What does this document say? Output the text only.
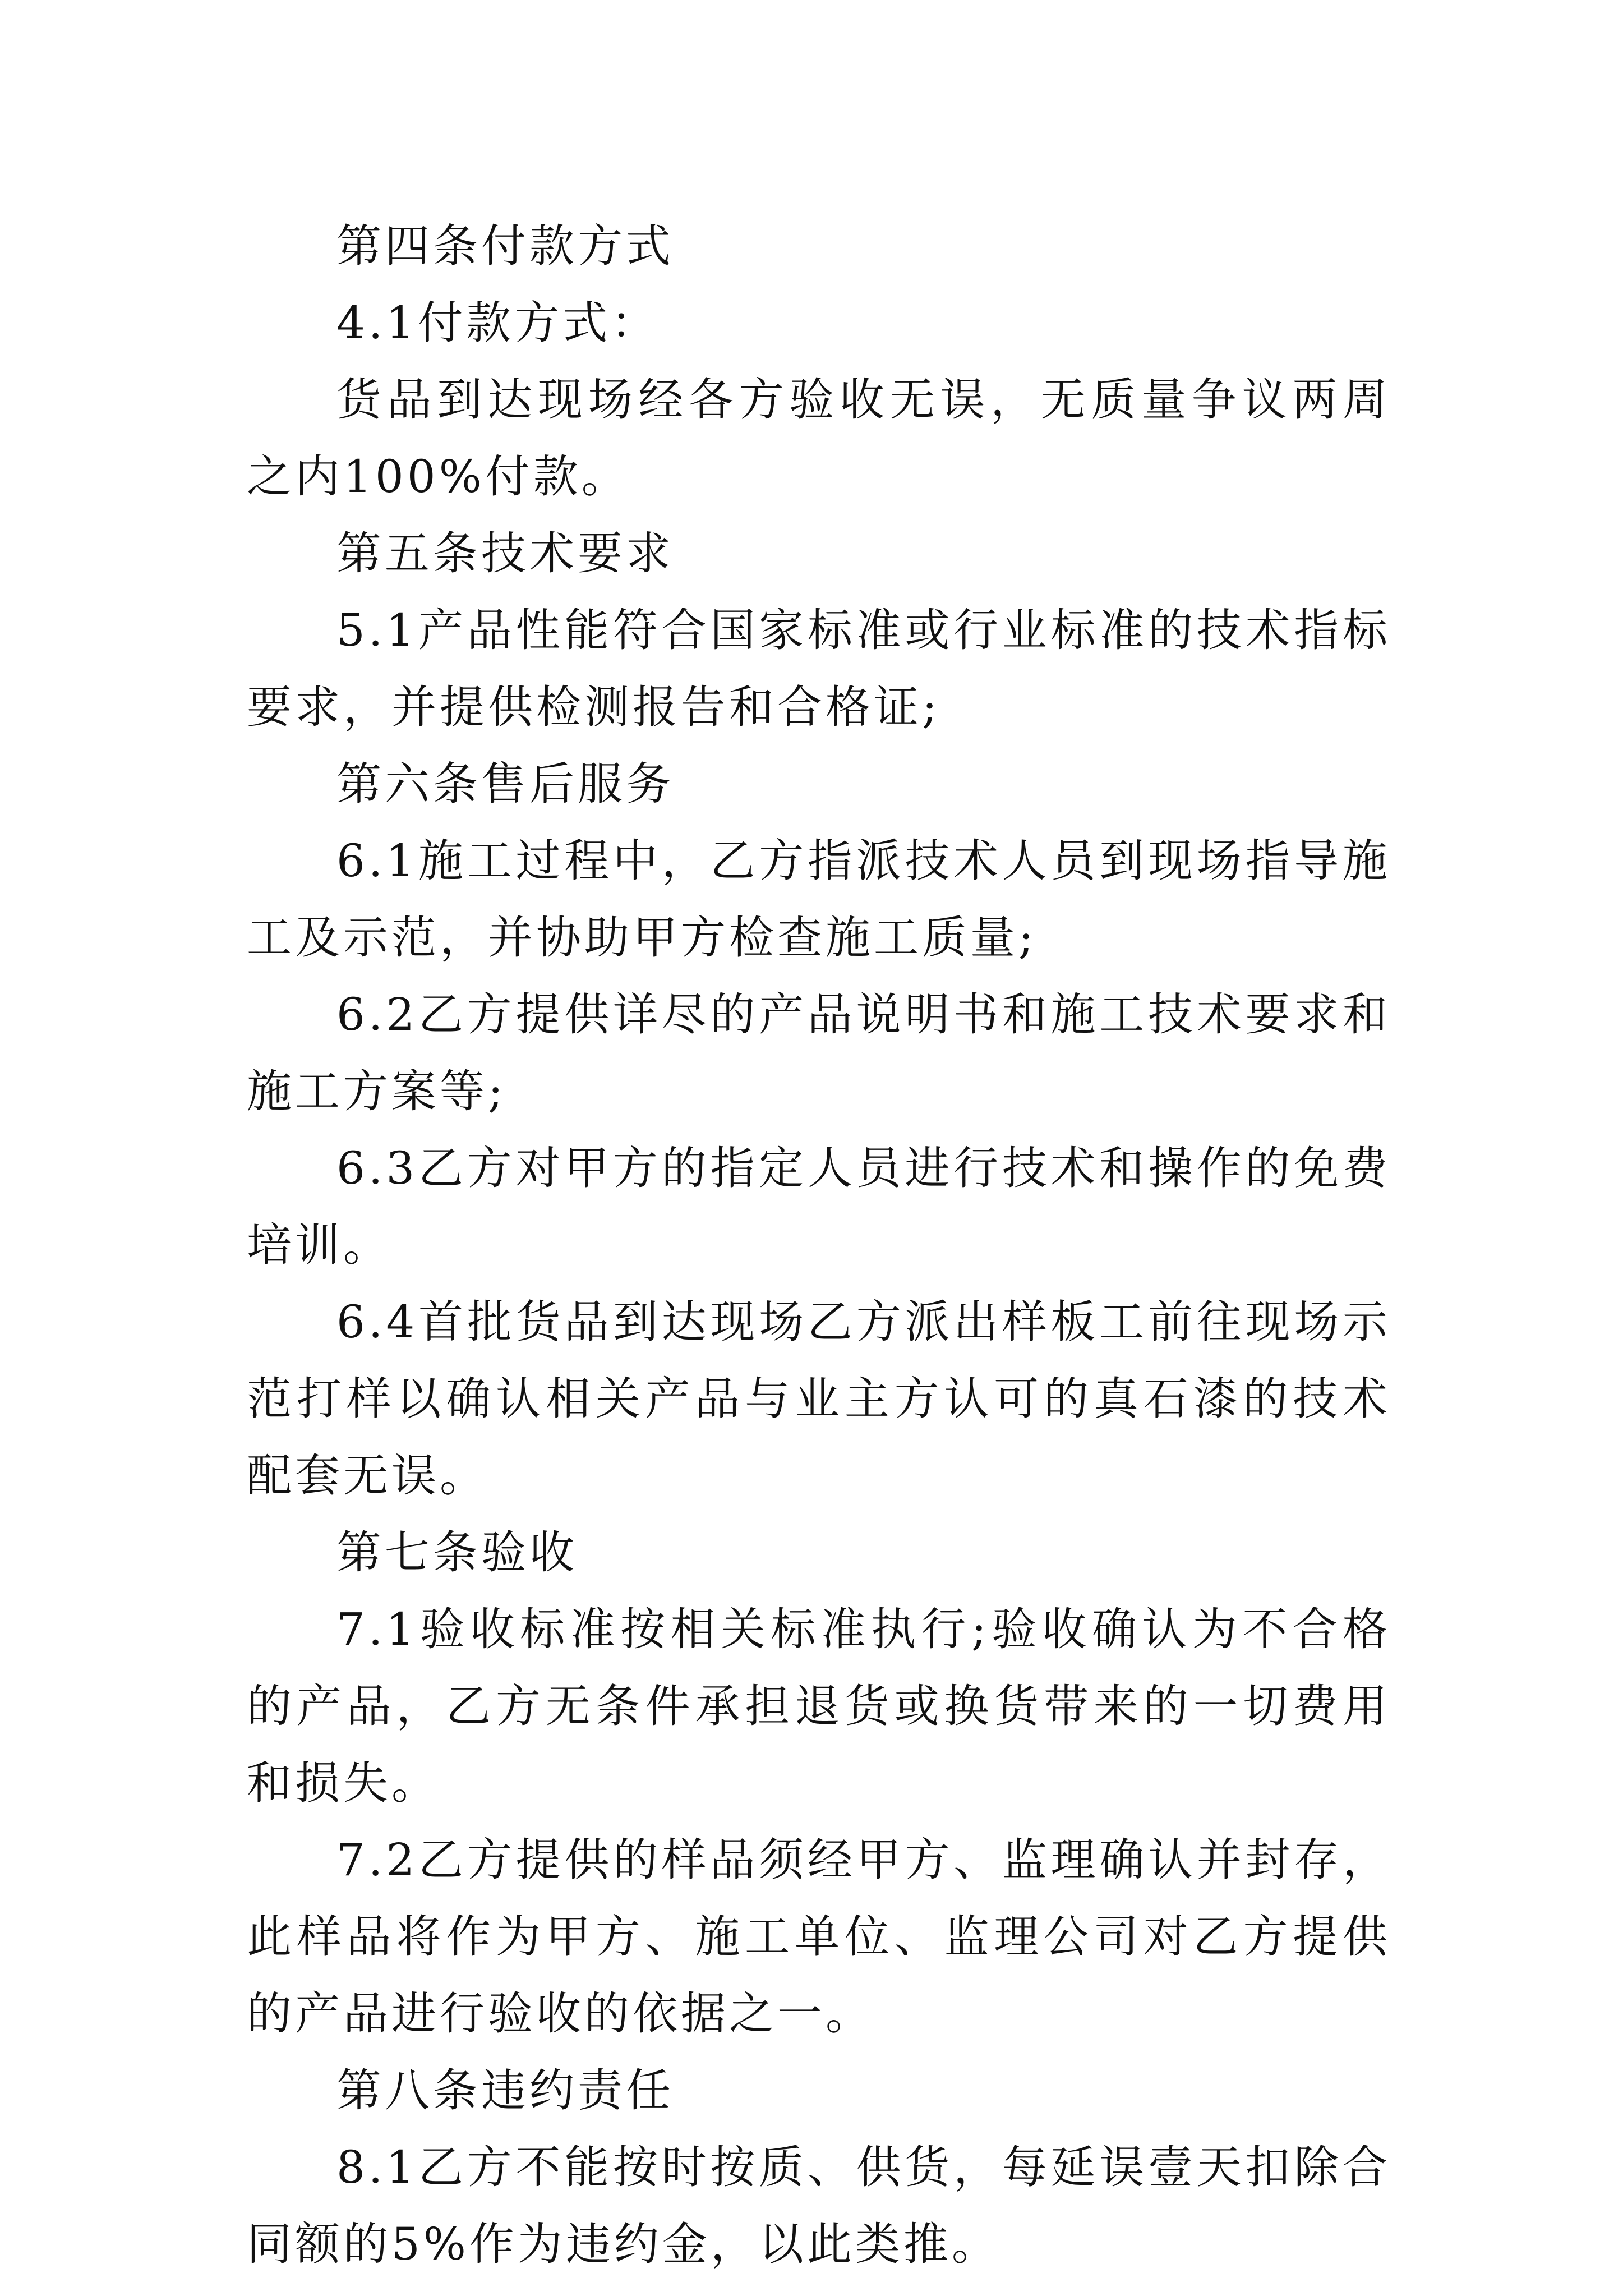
第四条付款方式

4.1付款方式：

货品到达现场经各方验收无误，无质量争议两周之内100%付款。

第五条技术要求

5.1产品性能符合国家标准或行业标准的技术指标要求，并提供检测报告和合格证;

第六条售后服务

6.1施工过程中，乙方指派技术人员到现场指导施工及示范，并协助甲方检查施工质量;

6.2乙方提供详尽的产品说明书和施工技术要求和施工方案等;

6.3乙方对甲方的指定人员进行技术和操作的免费培训。

6.4首批货品到达现场乙方派出样板工前往现场示范打样以确认相关产品与业主方认可的真石漆的技术配套无误。

第七条验收

7.1验收标准按相关标准执行;验收确认为不合格的产品，乙方无条件承担退货或换货带来的一切费用和损失。

7.2乙方提供的样品须经甲方、监理确认并封存，此样品将作为甲方、施工单位、监理公司对乙方提供的产品进行验收的依据之一。

第八条违约责任

8.1乙方不能按时按质、供货，每延误壹天扣除合同额的5%作为违约金，以此类推。
